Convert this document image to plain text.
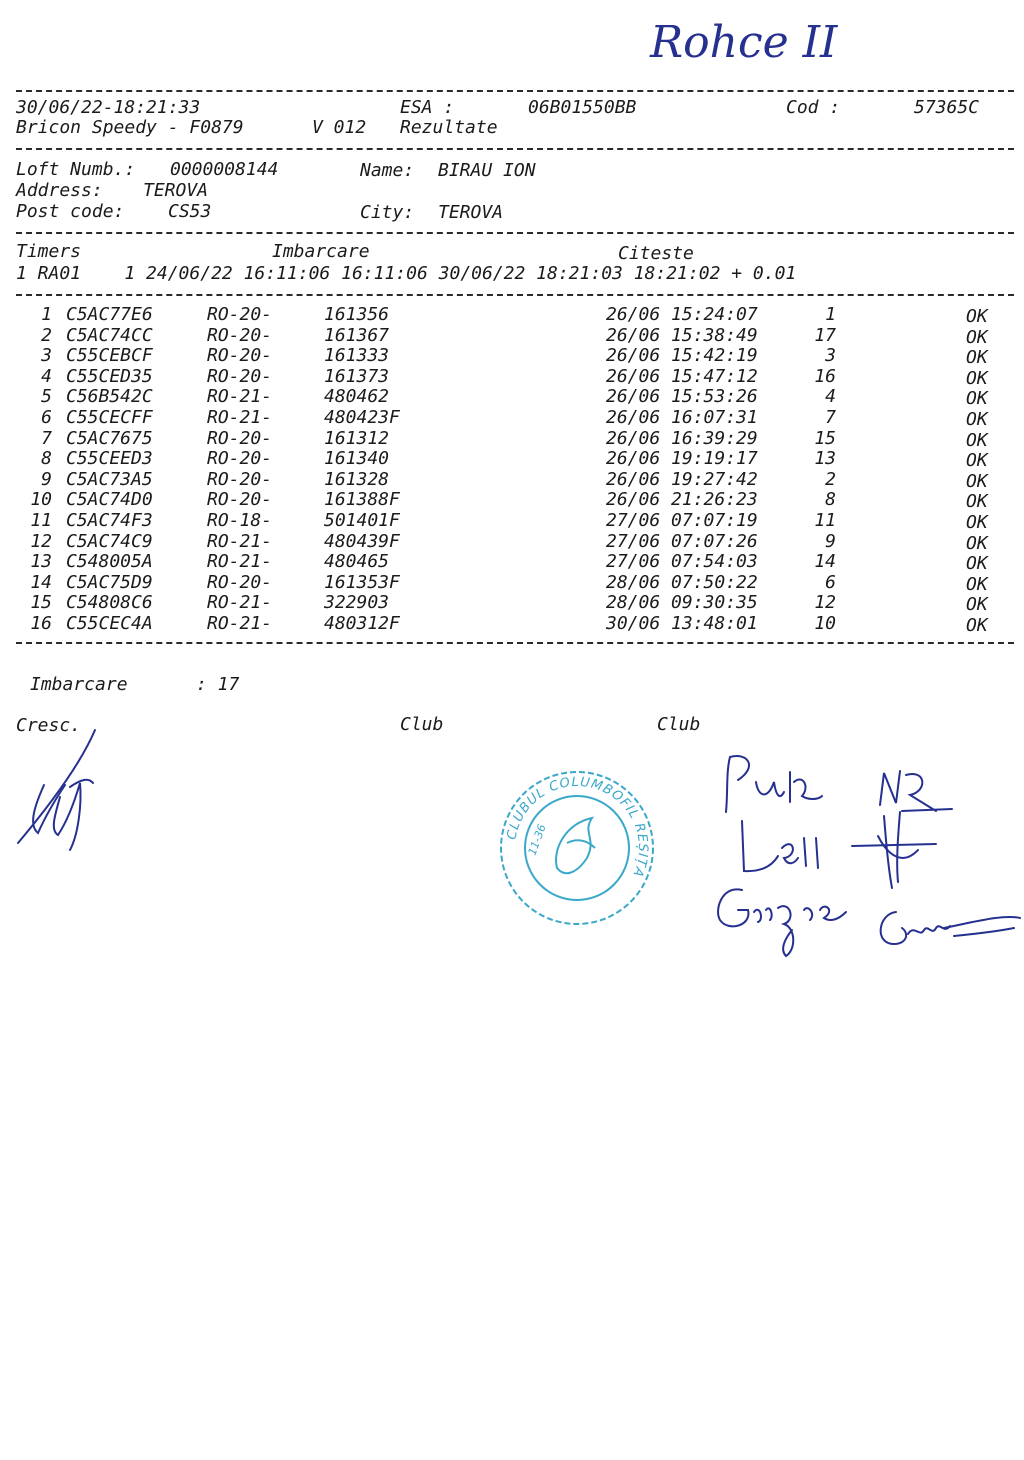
Rohce II
30/06/22-18:21:33	ESA :	06B01550BB	Cod :	57365C
Bricon Speedy - F0879	V 012 Rezultate
Loft Numb.: 0000008144	Name: BIRAU ION
Address: TEROVA
Post code: CS53	City: TEROVA
Timers	Imbarcare	Citeste
1 RA01    1 24/06/22 16:11:06 16:11:06 30/06/22 18:21:03 18:21:02 + 0.01
1 C5AC77E6	RO-20-	161356	26/06 15:24:07	1	OK
2 C5AC74CC	RO-20-	161367	26/06 15:38:49	17	OK
3 C55CEBCF	RO-20-	161333	26/06 15:42:19	3	OK
4 C55CED35	RO-20-	161373	26/06 15:47:12	16	OK
5 C56B542C	RO-21-	480462	26/06 15:53:26	4	OK
6 C55CECFF	RO-21-	480423F	26/06 16:07:31	7	OK
7 C5AC7675	RO-20-	161312	26/06 16:39:29	15	OK
8 C55CEED3	RO-20-	161340	26/06 19:19:17	13	OK
9 C5AC73A5	RO-20-	161328	26/06 19:27:42	2	OK
10 C5AC74D0	RO-20-	161388F	26/06 21:26:23	8	OK
11 C5AC74F3	RO-18-	501401F	27/06 07:07:19	11	OK
12 C5AC74C9	RO-21-	480439F	27/06 07:07:26	9	OK
13 C548005A	RO-21-	480465	27/06 07:54:03	14	OK
14 C5AC75D9	RO-20-	161353F	28/06 07:50:22	6	OK
15 C54808C6	RO-21-	322903	28/06 09:30:35	12	OK
16 C55CEC4A	RO-21-	480312F	30/06 13:48:01	10	OK
Imbarcare	: 17
Cresc.	Club	Club
CLUBUL COLUMBOFIL REȘIȚA
11-36
